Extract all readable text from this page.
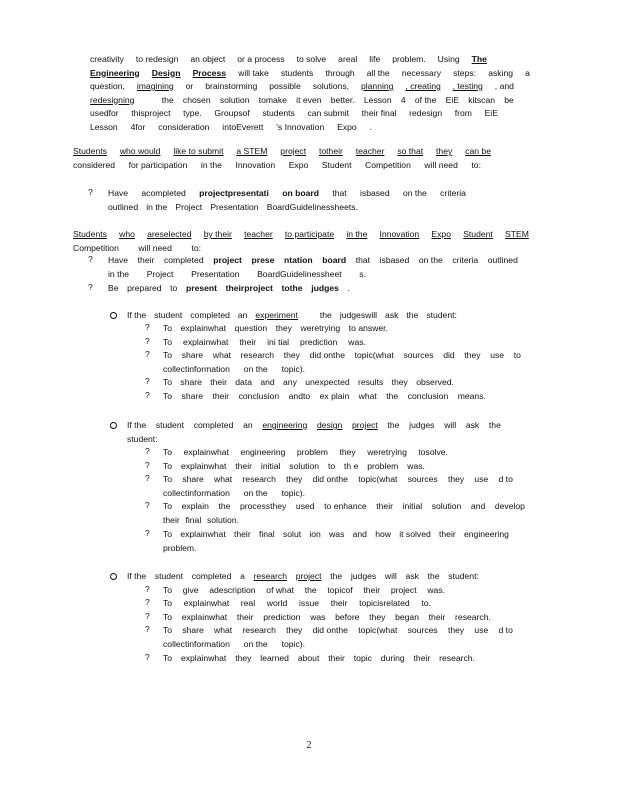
creativity to redesign an object or a process to solve areal life problem. Using The
Engineering Design Process will take students through all the necessary steps: asking a
question, imagining or brainstorming possible solutions, planning , creating , testing , and
redesigning	the chosen solution tomake it even better. Lesson 4 of the EiE kitscan be
usedfor thisproject type. Groupsof students can submit their final redesign from EiE
Lesson 4for consideration intoEverett 's Innovation Expo .
Students who would like to submit a STEM project totheir teacher so that they can be
considered for participation in the Innovation Expo Student Competition will need to:
?	Have acompleted projectpresentati on board that isbased on the criteria
outlined in the Project Presentation BoardGuidelinessheets.
Students who areselected by their teacher to participate in the Innovation Expo Student STEM
Competition will need to:
?	Have their completed project prese ntation board that isbased on the criteria outlined
in the Project Presentation BoardGuidelinessheet s.
?	Be prepared to present theirproject tothe judges .
If the student completed an experiment	the judgeswill ask the student:
?	To explainwhat question they weretrying to answer.
?	To explainwhat their ini tial prediction was.
?	To share what research they did onthe topic(what sources did they use to
collectinformation on the topic).
?	To share their data and any unexpected results they observed.
?	To share their conclusion andto ex plain what the conclusion means.
If the student completed an engineering design project the judges will ask the
student:
?	To explainwhat engineering problem they weretrying tosolve.
?	To explainwhat their initial solution to th e problem was.
?	To share what research they did onthe topic(what sources they use d to
collectinformation on the topic).
?	To explain the processthey used to enhance their initial solution and develop
their final solution.
?	To explainwhat their final solut ion was and how it solved their engineering
problem.
If the student completed a research project the judges will ask the student:
?	To give adescription of what the topicof their project was.
?	To explainwhat real world issue their topicisrelated to.
?	To explainwhat their prediction was before they began their research.
?	To share what research they did onthe topic(what sources they use d to
collectinformation on the topic).
?	To explainwhat they learned about their topic during their research.
2
